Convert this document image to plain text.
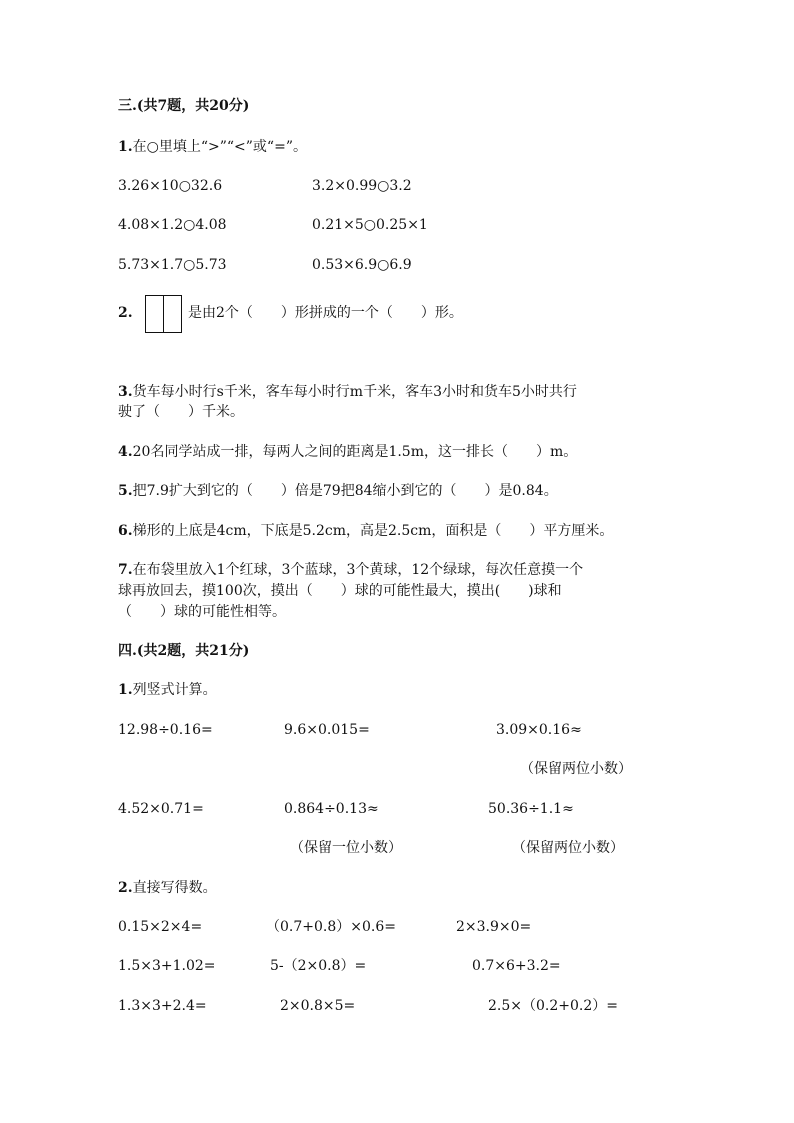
三.(共7题，共20分)
1.在○里填上“>”“<”或“=”。
3.26×10○32.6	3.2×0.99○3.2
4.08×1.2○4.08	0.21×5○0.25×1
5.73×1.7○5.73	0.53×6.9○6.9
2.	是由2个（　　）形拼成的一个（　　）形。
3.货车每小时行s千米，客车每小时行m千米，客车3小时和货车5小时共行
驶了（　　）千米。
4.20名同学站成一排，每两人之间的距离是1.5m，这一排长（　　）m。
5.把7.9扩大到它的（　　）倍是79把84缩小到它的（　　）是0.84。
6.梯形的上底是4cm，下底是5.2cm，高是2.5cm，面积是（　　）平方厘米。
7.在布袋里放入1个红球，3个蓝球，3个黄球，12个绿球，每次任意摸一个
球再放回去，摸100次，摸出（　　）球的可能性最大，摸出(　　)球和
（　　）球的可能性相等。
四.(共2题，共21分)
1.列竖式计算。
12.98÷0.16=	9.6×0.015=	3.09×0.16≈
（保留两位小数）
4.52×0.71=	0.864÷0.13≈	50.36÷1.1≈
（保留一位小数）	（保留两位小数）
2.直接写得数。
0.15×2×4=	（0.7+0.8）×0.6=	2×3.9×0=
1.5×3+1.02=	5-（2×0.8）=	0.7×6+3.2=
1.3×3+2.4=	2×0.8×5=	2.5×（0.2+0.2）=
